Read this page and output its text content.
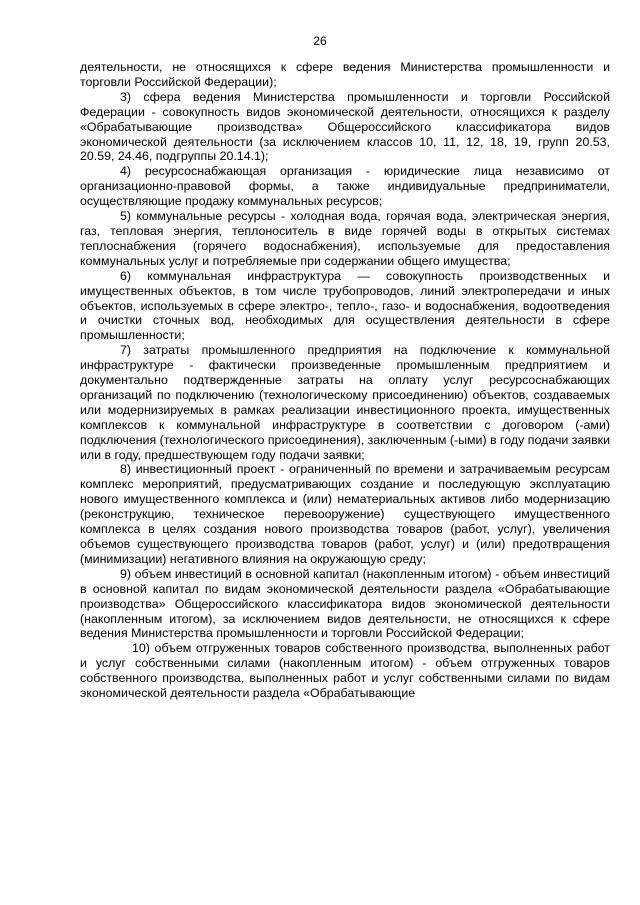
26

деятельности, не относящихся к сфере ведения Министерства промышленности и торговли Российской Федерации);

3) сфера ведения Министерства промышленности и торговли Российской Федерации - совокупность видов экономической деятельности, относящихся к разделу «Обрабатывающие производства» Общероссийского классификатора видов экономической деятельности (за исключением классов 10, 11, 12, 18, 19, групп 20.53, 20.59, 24.46, подгруппы 20.14.1);

4) ресурсоснабжающая организация - юридические лица независимо от организационно-правовой формы, а также индивидуальные предприниматели, осуществляющие продажу коммунальных ресурсов;

5) коммунальные ресурсы - холодная вода, горячая вода, электрическая энергия, газ, тепловая энергия, теплоноситель в виде горячей воды в открытых системах теплоснабжения (горячего водоснабжения), используемые для предоставления коммунальных услуг и потребляемые при содержании общего имущества;

6) коммунальная инфраструктура — совокупность производственных и имущественных объектов, в том числе трубопроводов, линий электропередачи и иных объектов, используемых в сфере электро-, тепло-, газо- и водоснабжения, водоотведения и очистки сточных вод, необходимых для осуществления деятельности в сфере промышленности;

7) затраты промышленного предприятия на подключение к коммунальной инфраструктуре - фактически произведенные промышленным предприятием и документально подтвержденные затраты на оплату услуг ресурсоснабжающих организаций по подключению (технологическому присоединению) объектов, создаваемых или модернизируемых в рамках реализации инвестиционного проекта, имущественных комплексов к коммунальной инфраструктуре в соответствии с договором (-ами) подключения (технологического присоединения), заключенным (-ыми) в году подачи заявки или в году, предшествующем году подачи заявки;

8) инвестиционный проект - ограниченный по времени и затрачиваемым ресурсам комплекс мероприятий, предусматривающих создание и последующую эксплуатацию нового имущественного комплекса и (или) нематериальных активов либо модернизацию (реконструкцию, техническое перевооружение) существующего имущественного комплекса в целях создания нового производства товаров (работ, услуг), увеличения объемов существующего производства товаров (работ, услуг) и (или) предотвращения (минимизации) негативного влияния на окружающую среду;

9) объем инвестиций в основной капитал (накопленным итогом) - объем инвестиций в основной капитал по видам экономической деятельности раздела «Обрабатывающие производства» Общероссийского классификатора видов экономической деятельности (накопленным итогом), за исключением видов деятельности, не относящихся к сфере ведения Министерства промышленности и торговли Российской Федерации;

10) объем отгруженных товаров собственного производства, выполненных работ и услуг собственными силами (накопленным итогом) - объем отгруженных товаров собственного производства, выполненных работ и услуг собственными силами по видам экономической деятельности раздела «Обрабатывающие
